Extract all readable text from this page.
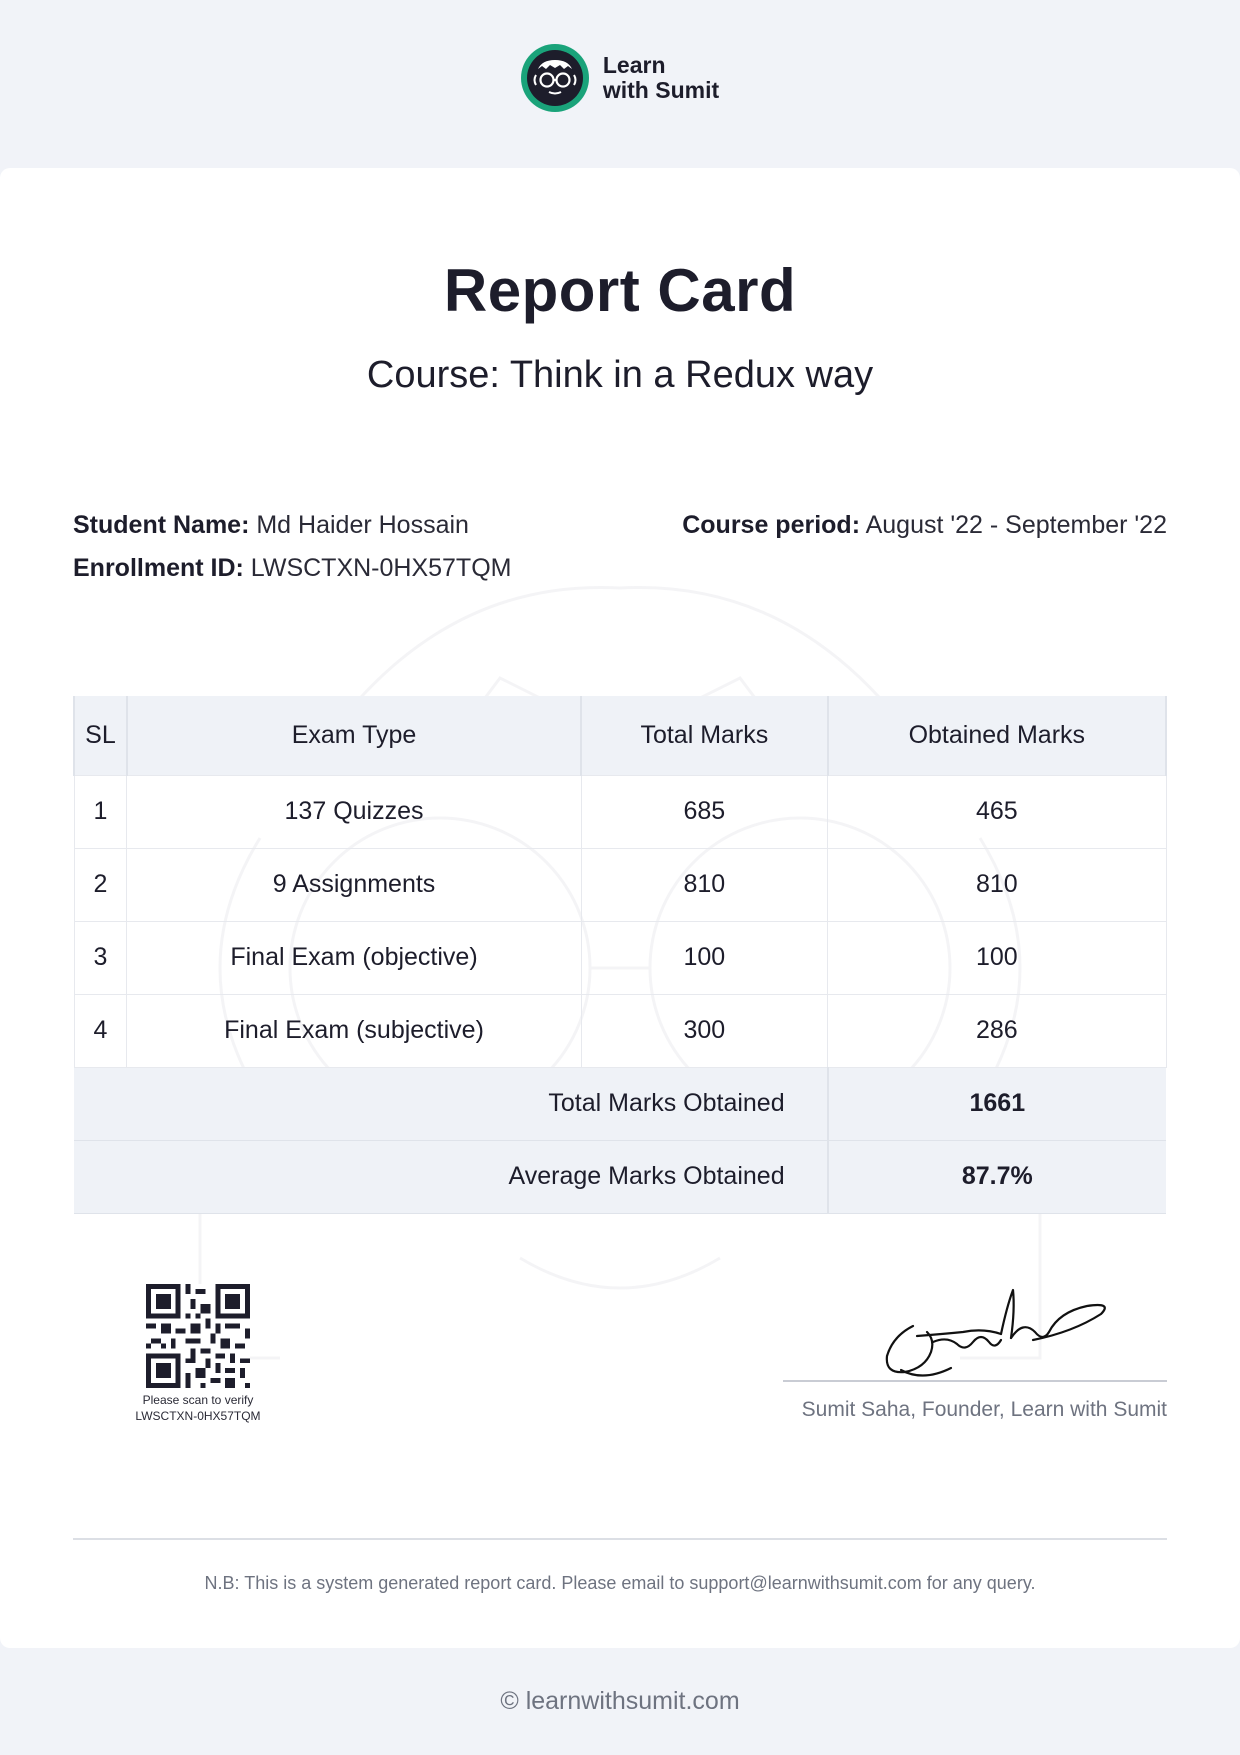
Learn
with Sumit
Report Card
Course: Think in a Redux way
Student Name: Md Haider Hossain
Enrollment ID: LWSCTXN-0HX57TQM
Course period: August '22 - September '22
SL	Exam Type	Total Marks	Obtained Marks
1	137 Quizzes	685	465
2	9 Assignments	810	810
3	Final Exam (objective)	100	100
4	Final Exam (subjective)	300	286
Total Marks Obtained			1661
Average Marks Obtained			87.7%
Please scan to verify
LWSCTXN-0HX57TQM	Sumit Saha, Founder, Learn with Sumit
N.B: This is a system generated report card. Please email to support@learnwithsumit.com for any query.
© learnwithsumit.com
